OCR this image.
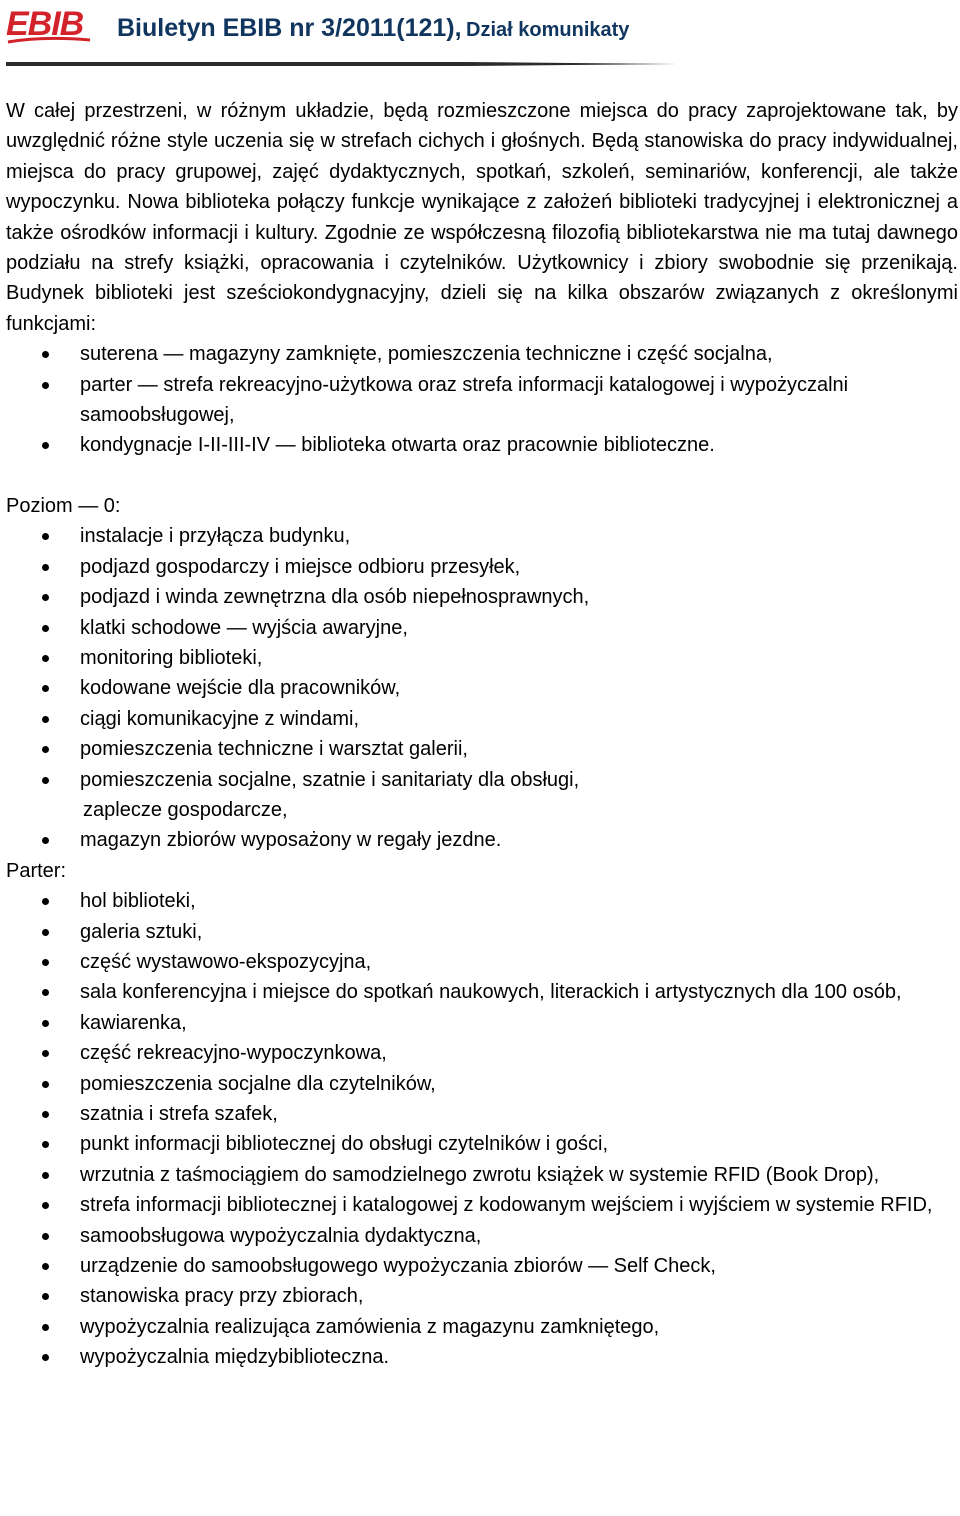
EBIB Biuletyn EBIB nr 3/2011(121), Dział komunikaty

W całej przestrzeni, w różnym układzie, będą rozmieszczone miejsca do pracy zaprojektowane tak, by uwzględnić różne style uczenia się w strefach cichych i głośnych. Będą stanowiska do pracy indywidualnej, miejsca do pracy grupowej, zajęć dydaktycznych, spotkań, szkoleń, seminariów, konferencji, ale także wypoczynku. Nowa biblioteka połączy funkcje wynikające z założeń biblioteki tradycyjnej i elektronicznej a także ośrodków informacji i kultury. Zgodnie ze współczesną filozofią bibliotekarstwa nie ma tutaj dawnego podziału na strefy książki, opracowania i czytelników. Użytkownicy i zbiory swobodnie się przenikają. Budynek biblioteki jest sześciokondygnacyjny, dzieli się na kilka obszarów związanych z określonymi funkcjami:

suterena — magazyny zamknięte, pomieszczenia techniczne i część socjalna,
parter — strefa rekreacyjno-użytkowa oraz strefa informacji katalogowej i wypożyczalni samoobsługowej,
kondygnacje I-II-III-IV — biblioteka otwarta oraz pracownie biblioteczne.

Poziom — 0:

instalacje i przyłącza budynku,
podjazd gospodarczy i miejsce odbioru przesyłek,
podjazd i winda zewnętrzna dla osób niepełnosprawnych,
klatki schodowe — wyjścia awaryjne,
monitoring biblioteki,
kodowane wejście dla pracowników,
ciągi komunikacyjne z windami,
pomieszczenia techniczne i warsztat galerii,
pomieszczenia socjalne, szatnie i sanitariaty dla obsługi,
zaplecze gospodarcze,
magazyn zbiorów wyposażony w regały jezdne.

Parter:

hol biblioteki,
galeria sztuki,
część wystawowo-ekspozycyjna,
sala konferencyjna i miejsce do spotkań naukowych, literackich i artystycznych dla 100 osób,
kawiarenka,
część rekreacyjno-wypoczynkowa,
pomieszczenia socjalne dla czytelników,
szatnia i strefa szafek,
punkt informacji bibliotecznej do obsługi czytelników i gości,
wrzutnia z taśmociągiem do samodzielnego zwrotu książek w systemie RFID (Book Drop),
strefa informacji bibliotecznej i katalogowej z kodowanym wejściem i wyjściem w systemie RFID,
samoobsługowa wypożyczalnia dydaktyczna,
urządzenie do samoobsługowego wypożyczania zbiorów — Self Check,
stanowiska pracy przy zbiorach,
wypożyczalnia realizująca zamówienia z magazynu zamkniętego,
wypożyczalnia międzybiblioteczna.
